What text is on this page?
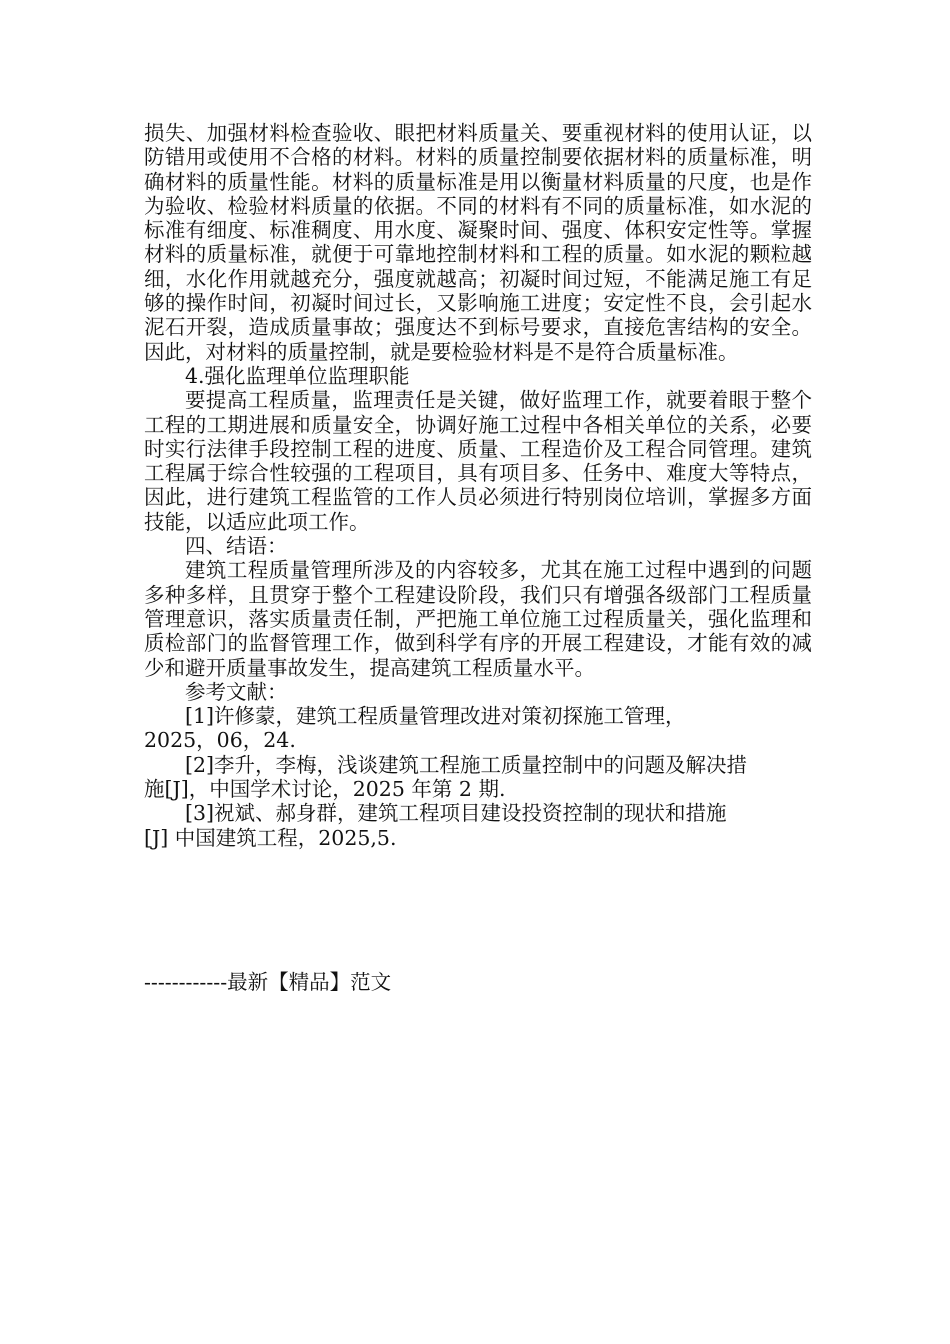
损失、加强材料检查验收、眼把材料质量关、要重视材料的使用认证，以防错用或使用不合格的材料。材料的质量控制要依据材料的质量标准，明确材料的质量性能。材料的质量标准是用以衡量材料质量的尺度，也是作为验收、检验材料质量的依据。不同的材料有不同的质量标准，如水泥的标准有细度、标准稠度、用水度、凝聚时间、强度、体积安定性等。掌握材料的质量标准，就便于可靠地控制材料和工程的质量。如水泥的颗粒越细，水化作用就越充分，强度就越高；初凝时间过短，不能满足施工有足够的操作时间，初凝时间过长，又影响施工进度；安定性不良，会引起水泥石开裂，造成质量事故；强度达不到标号要求，直接危害结构的安全。因此，对材料的质量控制，就是要检验材料是不是符合质量标准。

4.强化监理单位监理职能

要提高工程质量，监理责任是关键，做好监理工作，就要着眼于整个工程的工期进展和质量安全，协调好施工过程中各相关单位的关系，必要时实行法律手段控制工程的进度、质量、工程造价及工程合同管理。建筑工程属于综合性较强的工程项目，具有项目多、任务中、难度大等特点，因此，进行建筑工程监管的工作人员必须进行特别岗位培训，掌握多方面技能，以适应此项工作。

四、结语：

建筑工程质量管理所涉及的内容较多，尤其在施工过程中遇到的问题多种多样，且贯穿于整个工程建设阶段，我们只有增强各级部门工程质量管理意识，落实质量责任制，严把施工单位施工过程质量关，强化监理和质检部门的监督管理工作，做到科学有序的开展工程建设，才能有效的减少和避开质量事故发生，提高建筑工程质量水平。

参考文献：

[1]许修蒙，建筑工程质量管理改进对策初探施工管理，

2025，06，24.

[2]李升，李梅，浅谈建筑工程施工质量控制中的问题及解决措

施[J]，中国学术讨论，2025 年第 2 期.

[3]祝斌、郝身群，建筑工程项目建设投资控制的现状和措施

[J] 中国建筑工程，2025,5.

------------最新【精品】范文
